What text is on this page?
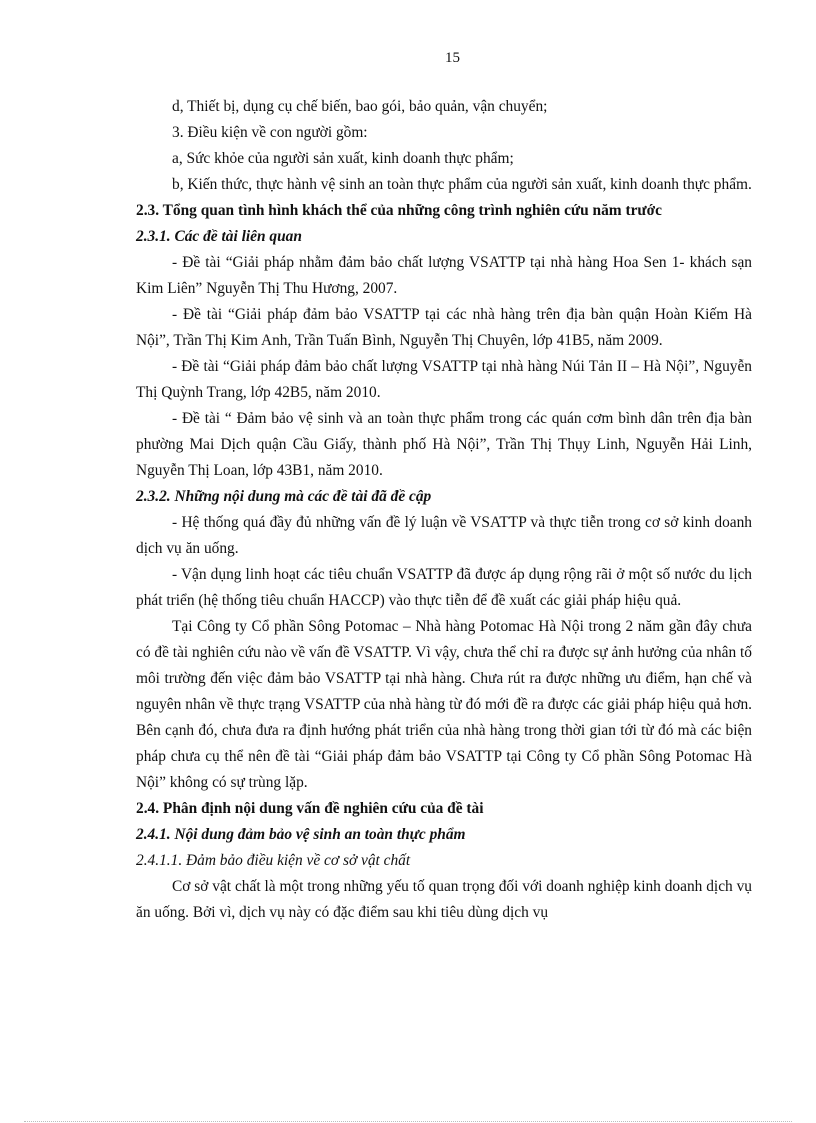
15

d, Thiết bị, dụng cụ chế biến, bao gói, bảo quản, vận chuyển;

3. Điều kiện về con người gồm:

a, Sức khỏe của người sản xuất, kinh doanh thực phẩm;

b, Kiến thức, thực hành vệ sinh an toàn thực phẩm của người sản xuất, kinh doanh thực phẩm.

2.3. Tổng quan tình hình khách thể của những công trình nghiên cứu năm trước

2.3.1. Các đề tài liên quan

- Đề tài “Giải pháp nhằm đảm bảo chất lượng VSATTP tại nhà hàng Hoa Sen 1- khách sạn Kim Liên” Nguyễn Thị Thu Hương, 2007.

- Đề tài “Giải pháp đảm bảo VSATTP tại các nhà hàng trên địa bàn quận Hoàn Kiếm Hà Nội”, Trần Thị Kim Anh, Trần Tuấn Bình, Nguyễn Thị Chuyên, lớp 41B5, năm 2009.

- Đề tài “Giải pháp đảm bảo chất lượng VSATTP tại nhà hàng Núi Tản II – Hà Nội”, Nguyễn Thị Quỳnh Trang, lớp 42B5, năm 2010.

- Đề tài “ Đảm bảo vệ sinh và an toàn thực phẩm trong các quán cơm bình dân trên địa bàn phường Mai Dịch quận Cầu Giấy, thành phố Hà Nội”, Trần Thị Thụy Linh, Nguyễn Hải Linh, Nguyễn Thị Loan, lớp 43B1, năm 2010.

2.3.2. Những nội dung mà các đề tài đã đề cập

- Hệ thống quá đầy đủ những vấn đề lý luận về VSATTP và thực tiễn trong cơ sở kinh doanh dịch vụ ăn uống.

- Vận dụng linh hoạt các tiêu chuẩn VSATTP đã được áp dụng rộng rãi ở một số nước du lịch phát triển (hệ thống tiêu chuẩn HACCP) vào thực tiễn để đề xuất các giải pháp hiệu quả.

Tại Công ty Cổ phần Sông Potomac – Nhà hàng Potomac Hà Nội trong 2 năm gần đây chưa có đề tài nghiên cứu nào về vấn đề VSATTP. Vì vậy, chưa thể chỉ ra được sự ảnh hưởng của nhân tố môi trường đến việc đảm bảo VSATTP tại nhà hàng. Chưa rút ra được những ưu điểm, hạn chế và nguyên nhân về thực trạng VSATTP của nhà hàng từ đó mới đề ra được các giải pháp hiệu quả hơn. Bên cạnh đó, chưa đưa ra định hướng phát triển của nhà hàng trong thời gian tới từ đó mà các biện pháp chưa cụ thể nên đề tài “Giải pháp đảm bảo VSATTP tại Công ty Cổ phần Sông Potomac Hà Nội” không có sự trùng lặp.

2.4. Phân định nội dung vấn đề nghiên cứu của đề tài

2.4.1. Nội dung đảm bảo vệ sinh an toàn thực phẩm

2.4.1.1. Đảm bảo điều kiện về cơ sở vật chất

Cơ sở vật chất là một trong những yếu tố quan trọng đối với doanh nghiệp kinh doanh dịch vụ ăn uống. Bởi vì, dịch vụ này có đặc điểm sau khi tiêu dùng dịch vụ
